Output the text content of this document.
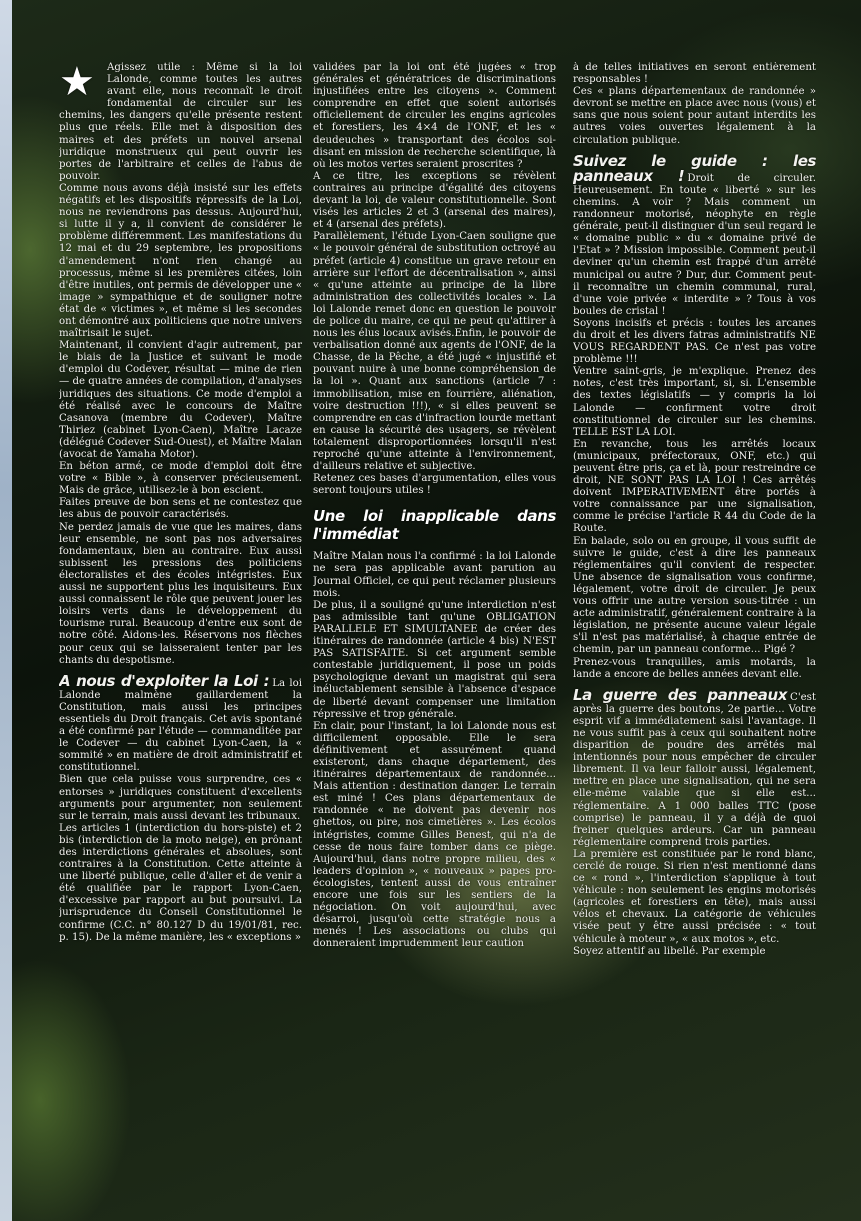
★	Agissez utile : Même si la loi Lalonde, comme toutes les autres avant elle, nous reconnaît le droit fondamental de circuler sur les chemins, les dangers qu'elle présente restent plus que réels. Elle met à disposition des maires et des préfets un nouvel arsenal juridique monstrueux qui peut ouvrir les portes de l'arbitraire et celles de l'abus de pouvoir.

Comme nous avons déjà insisté sur les effets négatifs et les dispositifs répressifs de la Loi, nous ne reviendrons pas dessus. Aujourd'hui, si lutte il y a, il convient de considérer le problème différemment. Les manifestations du 12 mai et du 29 septembre, les propositions d'amendement n'ont rien changé au processus, même si les premières citées, loin d'être inutiles, ont permis de développer une « image » sympathique et de souligner notre état de « victimes », et même si les secondes ont démontré aux politiciens que notre univers maîtrisait le sujet.

Maintenant, il convient d'agir autrement, par le biais de la Justice et suivant le mode d'emploi du Codever, résultat — mine de rien — de quatre années de compilation, d'analyses juridiques des situations. Ce mode d'emploi a été réalisé avec le concours de Maître Casanova (membre du Codever), Maître Thiriez (cabinet Lyon-Caen), Maître Lacaze (délégué Codever Sud-Ouest), et Maître Malan (avocat de Yamaha Motor).

En béton armé, ce mode d'emploi doit être votre « Bible », à conserver précieusement. Mais de grâce, utilisez-le à bon escient.

Faites preuve de bon sens et ne contestez que les abus de pouvoir caractérisés.

Ne perdez jamais de vue que les maires, dans leur ensemble, ne sont pas nos adversaires fondamentaux, bien au contraire. Eux aussi subissent les pressions des politiciens électoralistes et des écoles intégristes. Eux aussi ne supportent plus les inquisiteurs. Eux aussi connaissent le rôle que peuvent jouer les loisirs verts dans le développement du tourisme rural. Beaucoup d'entre eux sont de notre côté. Aidons-les. Réservons nos flèches pour ceux qui se laisseraient tenter par les chants du despotisme.

A nous d'exploiter la Loi : La loi Lalonde malmène gaillardement la Constitution, mais aussi les principes essentiels du Droit français. Cet avis spontané a été confirmé par l'étude — commanditée par le Codever — du cabinet Lyon-Caen, la « sommité » en matière de droit administratif et constitutionnel.

Bien que cela puisse vous surprendre, ces « entorses » juridiques constituent d'excellents arguments pour argumenter, non seulement sur le terrain, mais aussi devant les tribunaux.

Les articles 1 (interdiction du hors-piste) et 2 bis (interdiction de la moto neige), en prônant des interdictions générales et absolues, sont contraires à la Constitution. Cette atteinte à une liberté publique, celle d'aller et de venir a été qualifiée par le rapport Lyon-Caen, d'excessive par rapport au but poursuivi. La jurisprudence du Conseil Constitutionnel le confirme (C.C. n° 80.127 D du 19/01/81, rec. p. 15). De la même manière, les « exceptions »

validées par la loi ont été jugées « trop générales et génératrices de discriminations injustifiées entre les citoyens ». Comment comprendre en effet que soient autorisés officiellement de circuler les engins agricoles et forestiers, les 4×4 de l'ONF, et les « deudeuches » transportant des écolos soi-disant en mission de recherche scientifique, là où les motos vertes seraient proscrites ?

A ce titre, les exceptions se révèlent contraires au principe d'égalité des citoyens devant la loi, de valeur constitutionnelle. Sont visés les articles 2 et 3 (arsenal des maires), et 4 (arsenal des préfets).

Parallèlement, l'étude Lyon-Caen souligne que « le pouvoir général de substitution octroyé au préfet (article 4) constitue un grave retour en arrière sur l'effort de décentralisation », ainsi « qu'une atteinte au principe de la libre administration des collectivités locales ». La loi Lalonde remet donc en question le pouvoir de police du maire, ce qui ne peut qu'attirer à nous les élus locaux avisés.Enfin, le pouvoir de verbalisation donné aux agents de l'ONF, de la Chasse, de la Pêche, a été jugé « injustifié et pouvant nuire à une bonne compréhension de la loi ». Quant aux sanctions (article 7 : immobilisation, mise en fourrière, aliénation, voire destruction !!!), « si elles peuvent se comprendre en cas d'infraction lourde mettant en cause la sécurité des usagers, se révèlent totalement disproportionnées lorsqu'il n'est reproché qu'une atteinte à l'environnement, d'ailleurs relative et subjective.

Retenez ces bases d'argumentation, elles vous seront toujours utiles !

Une loi inapplicable dans l'immédiat

Maître Malan nous l'a confirmé : la loi Lalonde ne sera pas applicable avant parution au Journal Officiel, ce qui peut réclamer plusieurs mois.

De plus, il a souligné qu'une interdiction n'est pas admissible tant qu'une OBLIGATION PARALLELE ET SIMULTANEE de créer des itinéraires de randonnée (article 4 bis) N'EST PAS SATISFAITE. Si cet argument semble contestable juridiquement, il pose un poids psychologique devant un magistrat qui sera inéluctablement sensible à l'absence d'espace de liberté devant compenser une limitation répressive et trop générale.

En clair, pour l'instant, la loi Lalonde nous est difficilement opposable. Elle le sera définitivement et assurément quand existeront, dans chaque département, des itinéraires départementaux de randonnée... Mais attention : destination danger. Le terrain est miné ! Ces plans départementaux de randonnée « ne doivent pas devenir nos ghettos, ou pire, nos cimetières ». Les écolos intégristes, comme Gilles Benest, qui n'a de cesse de nous faire tomber dans ce piège. Aujourd'hui, dans notre propre milieu, des « leaders d'opinion », « nouveaux » papes pro-écologistes, tentent aussi de vous entraîner encore une fois sur les sentiers de la négociation. On voit aujourd'hui, avec désarroi, jusqu'où cette stratégie nous a menés ! Les associations ou clubs qui donneraient imprudemment leur caution

à de telles initiatives en seront entièrement responsables !

Ces « plans départementaux de randonnée » devront se mettre en place avec nous (vous) et sans que nous soient pour autant interdits les autres voies ouvertes légalement à la circulation publique.

Suivez le guide : les panneaux ! Droit de circuler. Heureusement. En toute « liberté » sur les chemins. A voir ? Mais comment un randonneur motorisé, néophyte en règle générale, peut-il distinguer d'un seul regard le « domaine public » du « domaine privé de l'Etat » ? Mission impossible. Comment peut-il deviner qu'un chemin est frappé d'un arrêté municipal ou autre ? Dur, dur. Comment peut-il reconnaître un chemin communal, rural, d'une voie privée « interdite » ? Tous à vos boules de cristal !

Soyons incisifs et précis : toutes les arcanes du droit et les divers fatras administratifs NE VOUS REGARDENT PAS. Ce n'est pas votre problème !!!

Ventre saint-gris, je m'explique. Prenez des notes, c'est très important, si, si. L'ensemble des textes législatifs — y compris la loi Lalonde — confirment votre droit constitutionnel de circuler sur les chemins. TELLE EST LA LOI.

En revanche, tous les arrêtés locaux (municipaux, préfectoraux, ONF, etc.) qui peuvent être pris, ça et là, pour restreindre ce droit, NE SONT PAS LA LOI ! Ces arrêtés doivent IMPERATIVEMENT être portés à votre connaissance par une signalisation, comme le précise l'article R 44 du Code de la Route.

En balade, solo ou en groupe, il vous suffit de suivre le guide, c'est à dire les panneaux réglementaires qu'il convient de respecter. Une absence de signalisation vous confirme, légalement, votre droit de circuler. Je peux vous offrir une autre version sous-titrée : un acte administratif, généralement contraire à la législation, ne présente aucune valeur légale s'il n'est pas matérialisé, à chaque entrée de chemin, par un panneau conforme... Pigé ?

Prenez-vous tranquilles, amis motards, la lande a encore de belles années devant elle.

La guerre des panneaux C'est après la guerre des boutons, 2e partie... Votre esprit vif a immédiatement saisi l'avantage. Il ne vous suffit pas à ceux qui souhaitent notre disparition de poudre des arrêtés mal intentionnés pour nous empêcher de circuler librement. Il va leur falloir aussi, légalement, mettre en place une signalisation, qui ne sera elle-même valable que si elle est... réglementaire. A 1 000 balles TTC (pose comprise) le panneau, il y a déjà de quoi freiner quelques ardeurs. Car un panneau réglementaire comprend trois parties.

La première est constituée par le rond blanc, cerclé de rouge. Si rien n'est mentionné dans ce « rond », l'interdiction s'applique à tout véhicule : non seulement les engins motorisés (agricoles et forestiers en tête), mais aussi vélos et chevaux. La catégorie de véhicules visée peut y être aussi précisée : « tout véhicule à moteur », « aux motos », etc.

Soyez attentif au libellé. Par exemple
